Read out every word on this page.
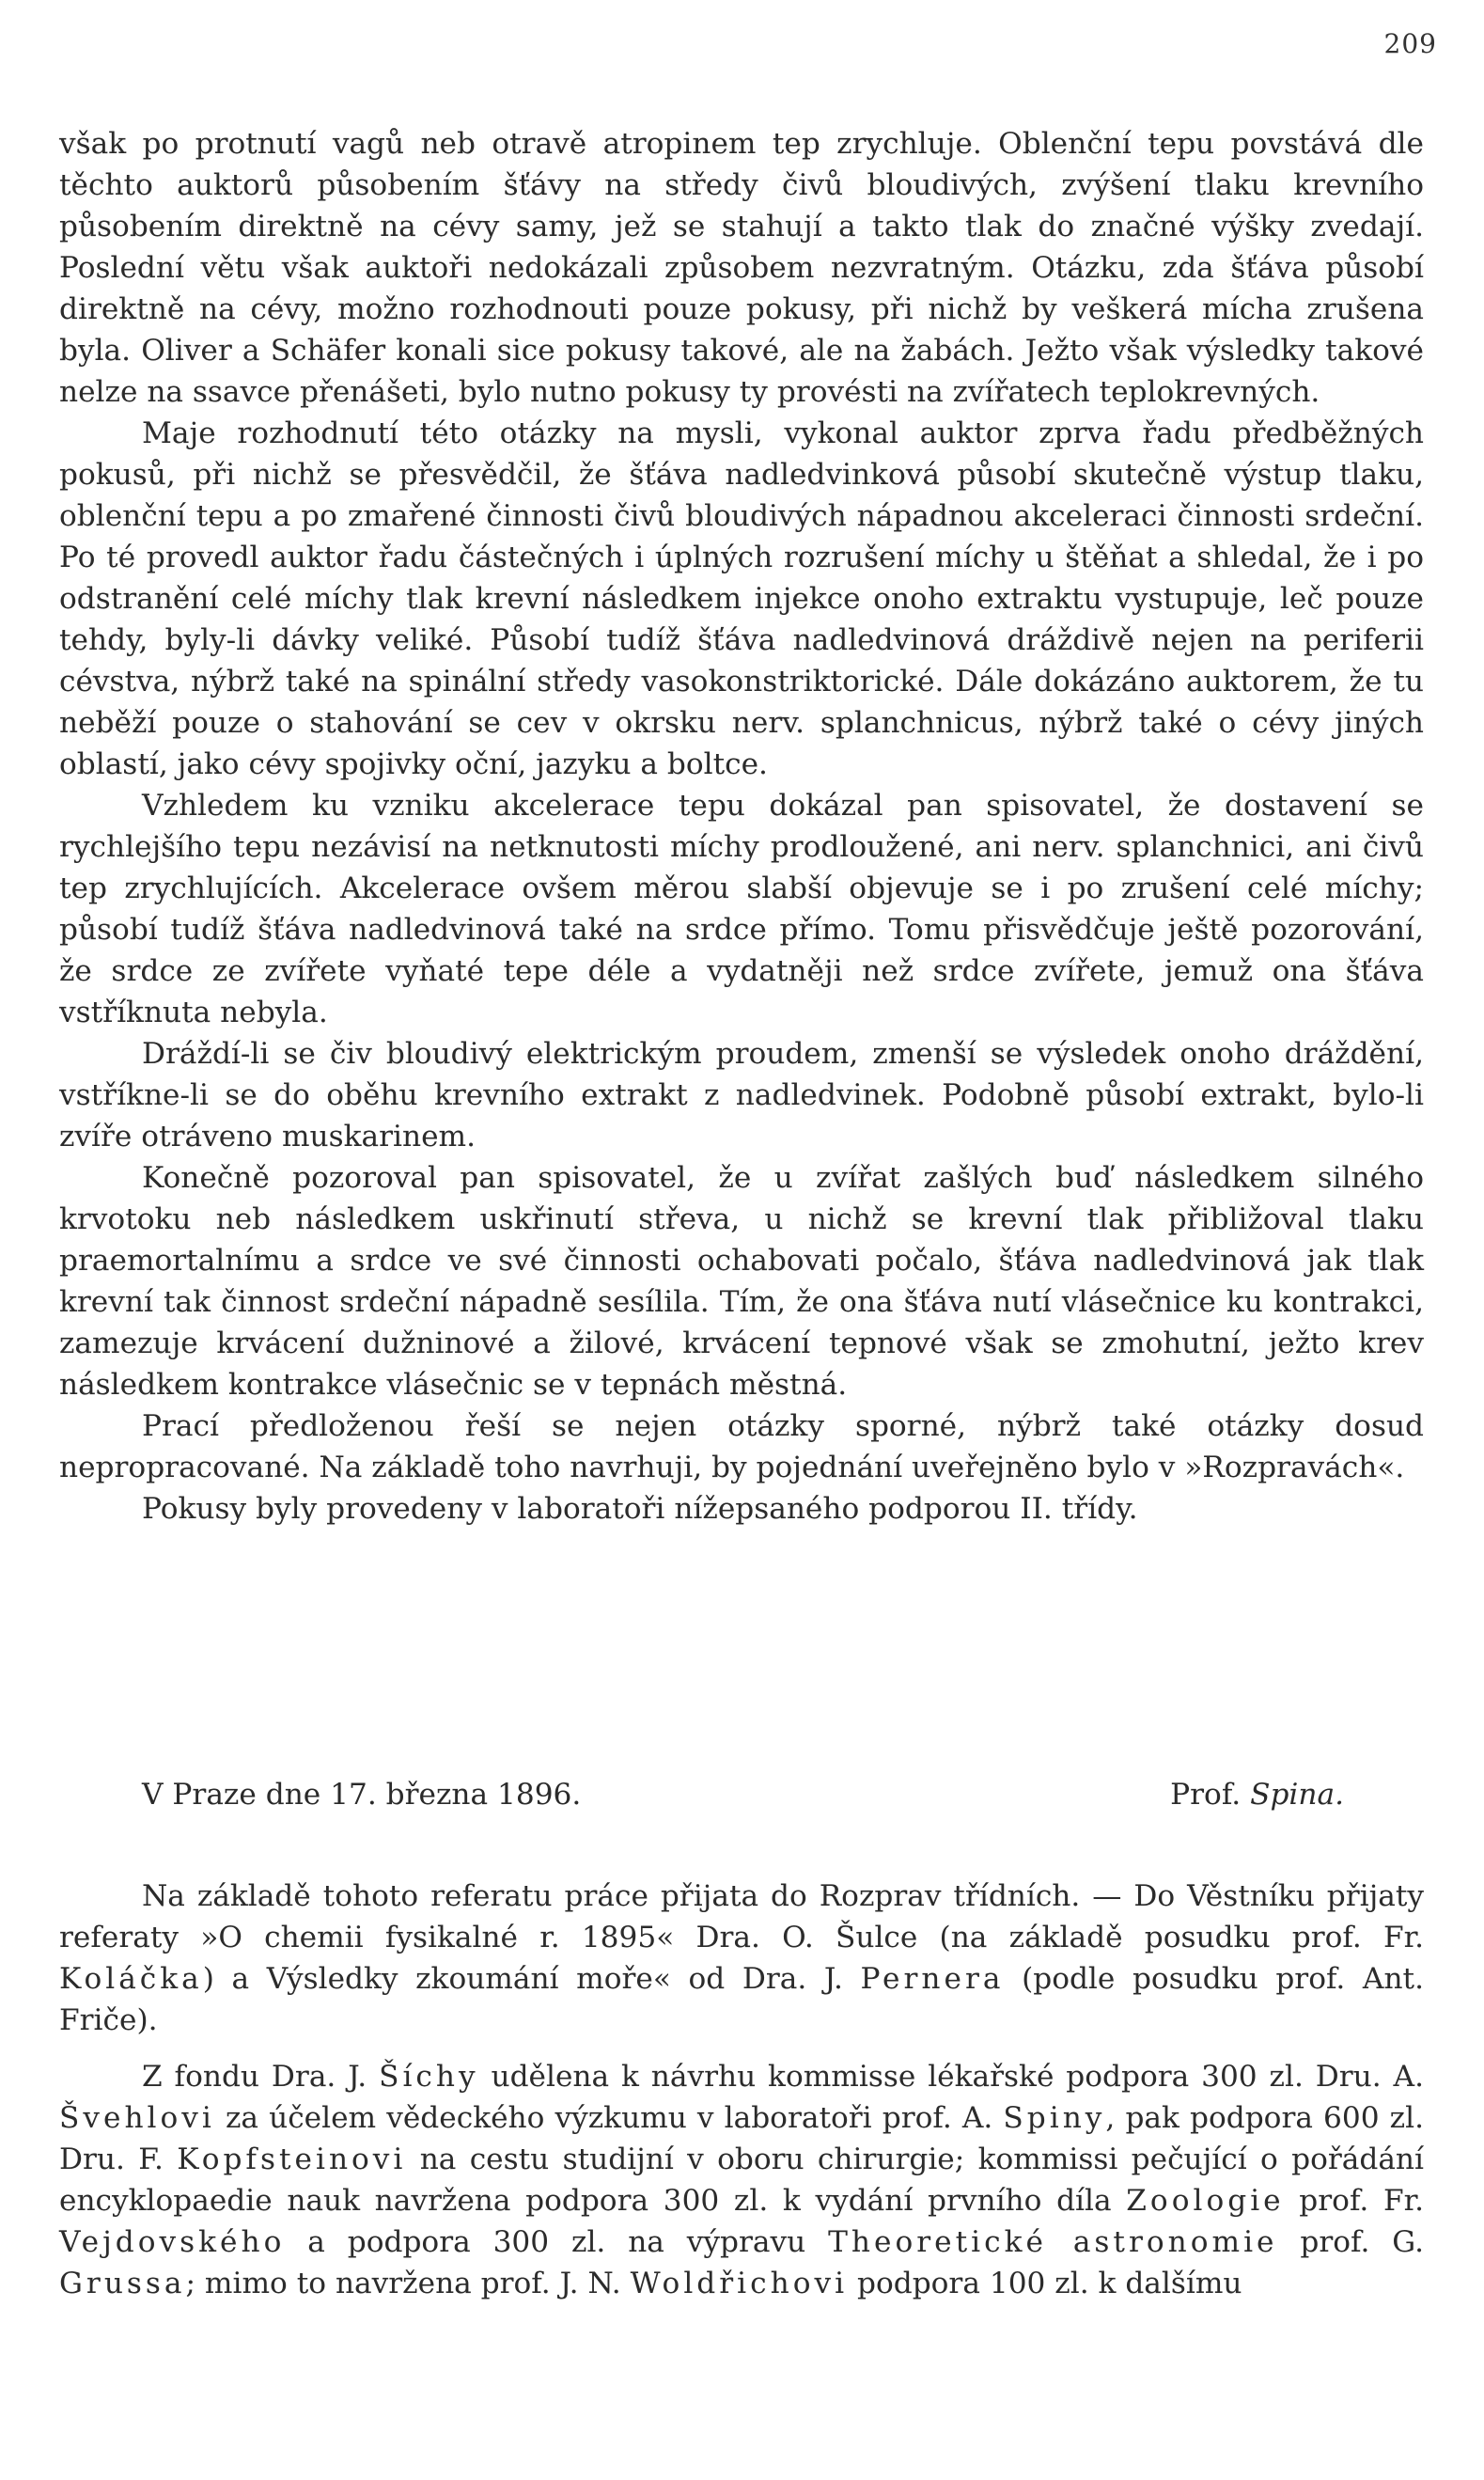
209

však po protnutí vagů neb otravě atropinem tep zrychluje. Oblenční tepu povstává dle těchto auktorů působením šťávy na středy čivů bloudivých, zvýšení tlaku krevního působením direktně na cévy samy, jež se stahují a takto tlak do značné výšky zvedají. Poslední větu však auktoři nedokázali způsobem nezvratným. Otázku, zda šťáva působí direktně na cévy, možno rozhodnouti pouze pokusy, při nichž by veškerá mícha zrušena byla. Oliver a Schäfer konali sice pokusy takové, ale na žabách. Ježto však výsledky takové nelze na ssavce přenášeti, bylo nutno pokusy ty provésti na zvířatech teplokrevných.

Maje rozhodnutí této otázky na mysli, vykonal auktor zprva řadu předběžných pokusů, při nichž se přesvědčil, že šťáva nadledvinková působí skutečně výstup tlaku, oblenční tepu a po zmařené činnosti čivů bloudivých nápadnou akceleraci činnosti srdeční. Po té provedl auktor řadu částečných i úplných rozrušení míchy u štěňat a shledal, že i po odstranění celé míchy tlak krevní následkem injekce onoho extraktu vystupuje, leč pouze tehdy, byly-li dávky veliké. Působí tudíž šťáva nadledvinová dráždivě nejen na periferii cévstva, nýbrž také na spinální středy vasokonstriktorické. Dále dokázáno auktorem, že tu neběží pouze o stahování se cev v okrsku nerv. splanchnicus, nýbrž také o cévy jiných oblastí, jako cévy spojivky oční, jazyku a boltce.

Vzhledem ku vzniku akcelerace tepu dokázal pan spisovatel, že dostavení se rychlejšího tepu nezávisí na netknutosti míchy prodloužené, ani nerv. splanchnici, ani čivů tep zrychlujících. Akcelerace ovšem měrou slabší objevuje se i po zrušení celé míchy; působí tudíž šťáva nadledvinová také na srdce přímo. Tomu přisvědčuje ještě pozorování, že srdce ze zvířete vyňaté tepe déle a vydatněji než srdce zvířete, jemuž ona šťáva vstříknuta nebyla.

Dráždí-li se čiv bloudivý elektrickým proudem, zmenší se výsledek onoho dráždění, vstříkne-li se do oběhu krevního extrakt z nadledvinek. Podobně působí extrakt, bylo-li zvíře otráveno muskarinem.

Konečně pozoroval pan spisovatel, že u zvířat zašlých buď následkem silného krvotoku neb následkem uskřinutí střeva, u nichž se krevní tlak přibližoval tlaku praemortalnímu a srdce ve své činnosti ochabovati počalo, šťáva nadledvinová jak tlak krevní tak činnost srdeční nápadně sesílila. Tím, že ona šťáva nutí vlásečnice ku kontrakci, zamezuje krvácení dužninové a žilové, krvácení tepnové však se zmohutní, ježto krev následkem kontrakce vlásečnic se v tepnách městná.

Prací předloženou řeší se nejen otázky sporné, nýbrž také otázky dosud nepropracované. Na základě toho navrhuji, by pojednání uveřejněno bylo v »Rozpravách«.

Pokusy byly provedeny v laboratoři nížepsaného podporou II. třídy.

V Praze dne 17. března 1896.	Prof. Spina.

Na základě tohoto referatu práce přijata do Rozprav třídních. — Do Věstníku přijaty referaty »O chemii fysikalné r. 1895« Dra. O. Šulce (na základě posudku prof. Fr. Koláčka) a Výsledky zkoumání moře« od Dra. J. Pernera (podle posudku prof. Ant. Friče).

Z fondu Dra. J. Šíchy udělena k návrhu kommisse lékařské podpora 300 zl. Dru. A. Švehlovi za účelem vědeckého výzkumu v laboratoři prof. A. Spiny, pak podpora 600 zl. Dru. F. Kopfsteinovi na cestu studijní v oboru chirurgie; kommissi pečující o pořádání encyklopaedie nauk navržena podpora 300 zl. k vydání prvního díla Zoologie prof. Fr. Vejdovského a podpora 300 zl. na výpravu Theoretické astronomie prof. G. Grussa; mimo to navržena prof. J. N. Woldřichovi podpora 100 zl. k dalšímu
